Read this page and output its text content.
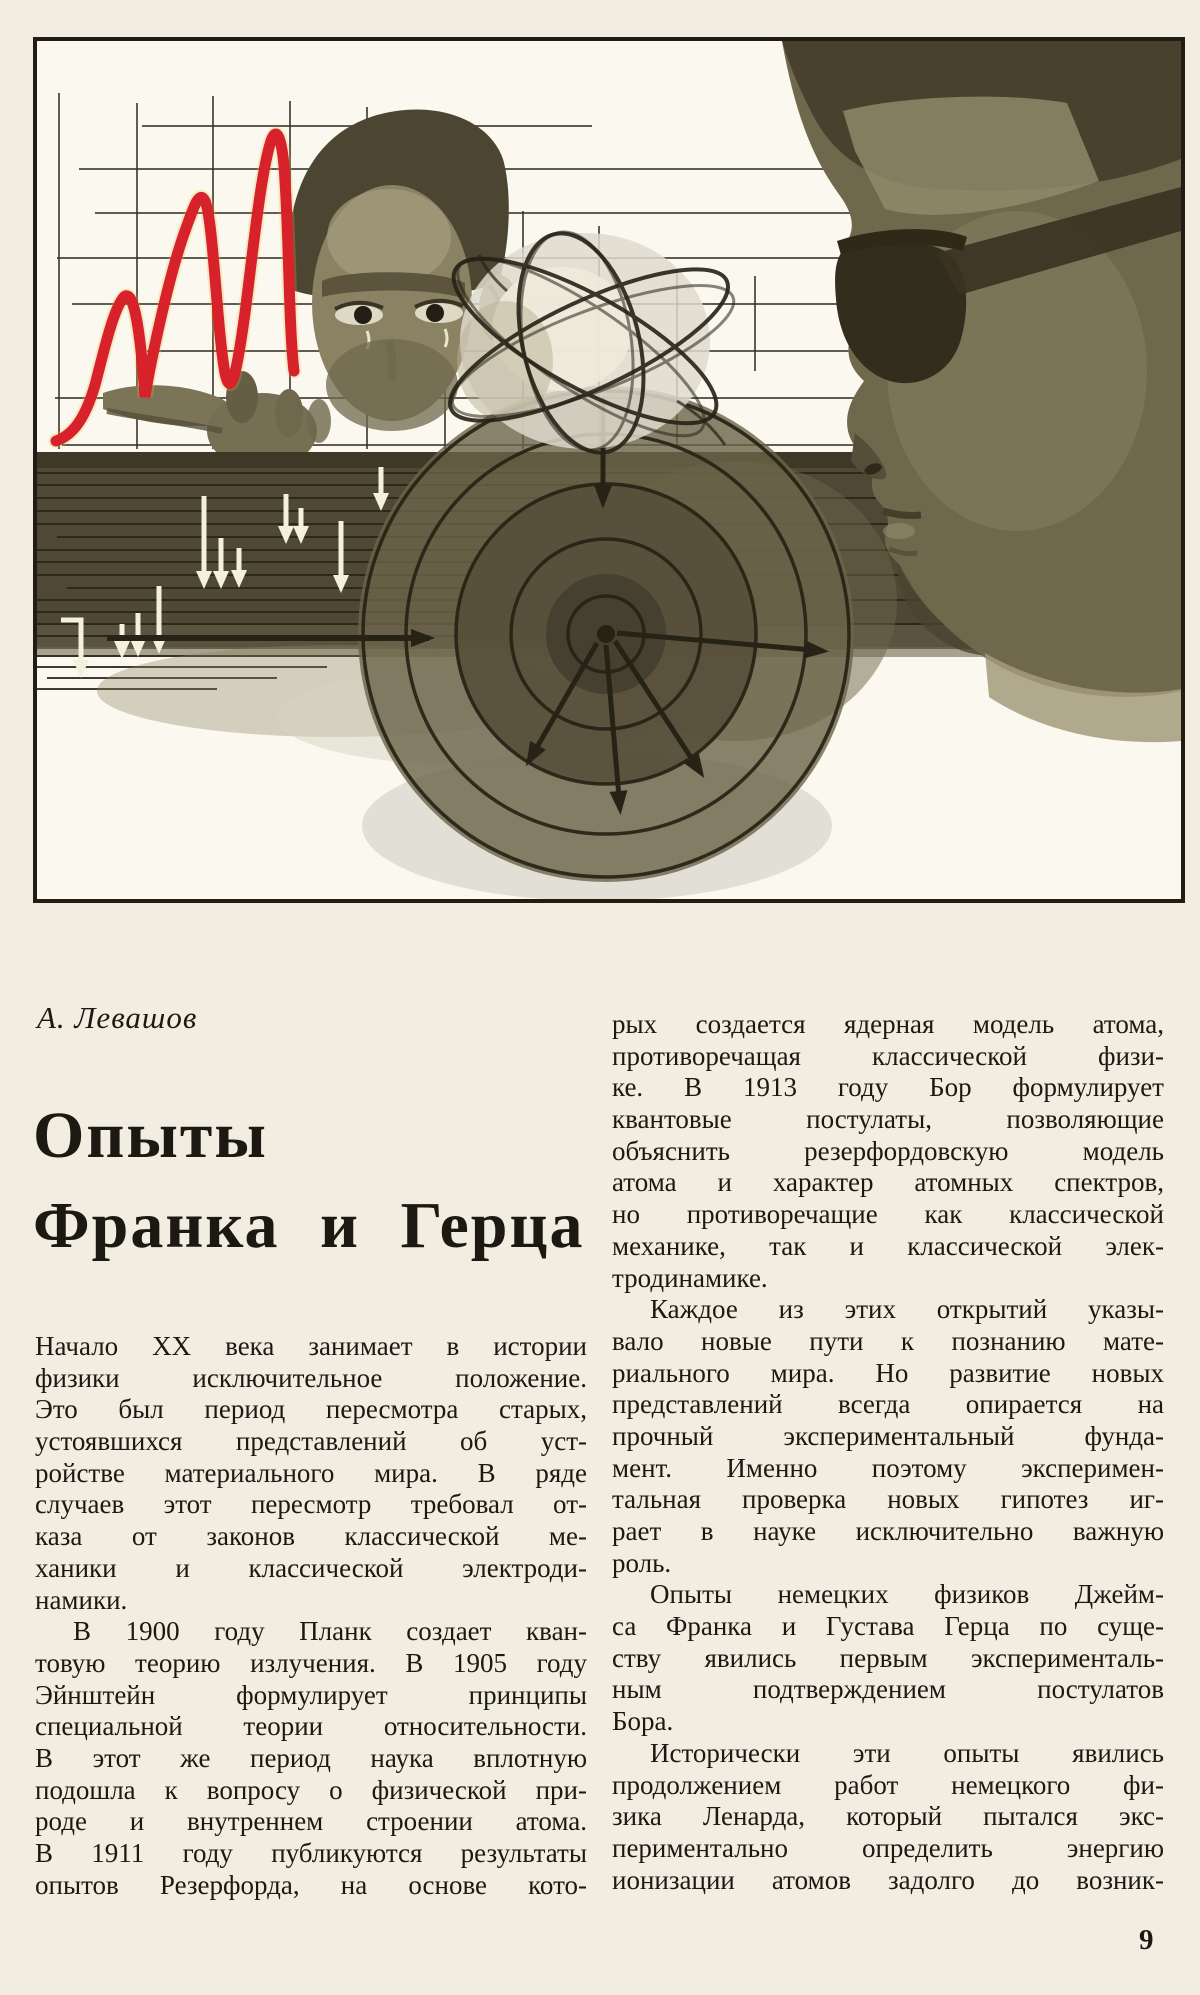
А. Левашов
Опыты
Франка и Герца
Начало XX века занимает в истории
физики исключительное положение.
Это был период пересмотра старых,
устоявшихся представлений об уст-
ройстве материального мира. В ряде
случаев этот пересмотр требовал от-
каза от законов классической ме-
ханики и классической электроди-
намики.
В 1900 году Планк создает кван-
товую теорию излучения. В 1905 году
Эйнштейн формулирует принципы
специальной теории относительности.
В этот же период наука вплотную
подошла к вопросу о физической при-
роде и внутреннем строении атома.
В 1911 году публикуются результаты
опытов Резерфорда, на основе кото-
рых создается ядерная модель атома,
противоречащая классической физи-
ке. В 1913 году Бор формулирует
квантовые постулаты, позволяющие
объяснить резерфордовскую модель
атома и характер атомных спектров,
но противоречащие как классической
механике, так и классической элек-
тродинамике.
Каждое из этих открытий указы-
вало новые пути к познанию мате-
риального мира. Но развитие новых
представлений всегда опирается на
прочный экспериментальный фунда-
мент. Именно поэтому эксперимен-
тальная проверка новых гипотез иг-
рает в науке исключительно важную
роль.
Опыты немецких физиков Джейм-
са Франка и Густава Герца по суще-
ству явились первым эксперименталь-
ным подтверждением постулатов
Бора.
Исторически эти опыты явились
продолжением работ немецкого фи-
зика Ленарда, который пытался экс-
периментально определить энергию
ионизации атомов задолго до возник-
9
